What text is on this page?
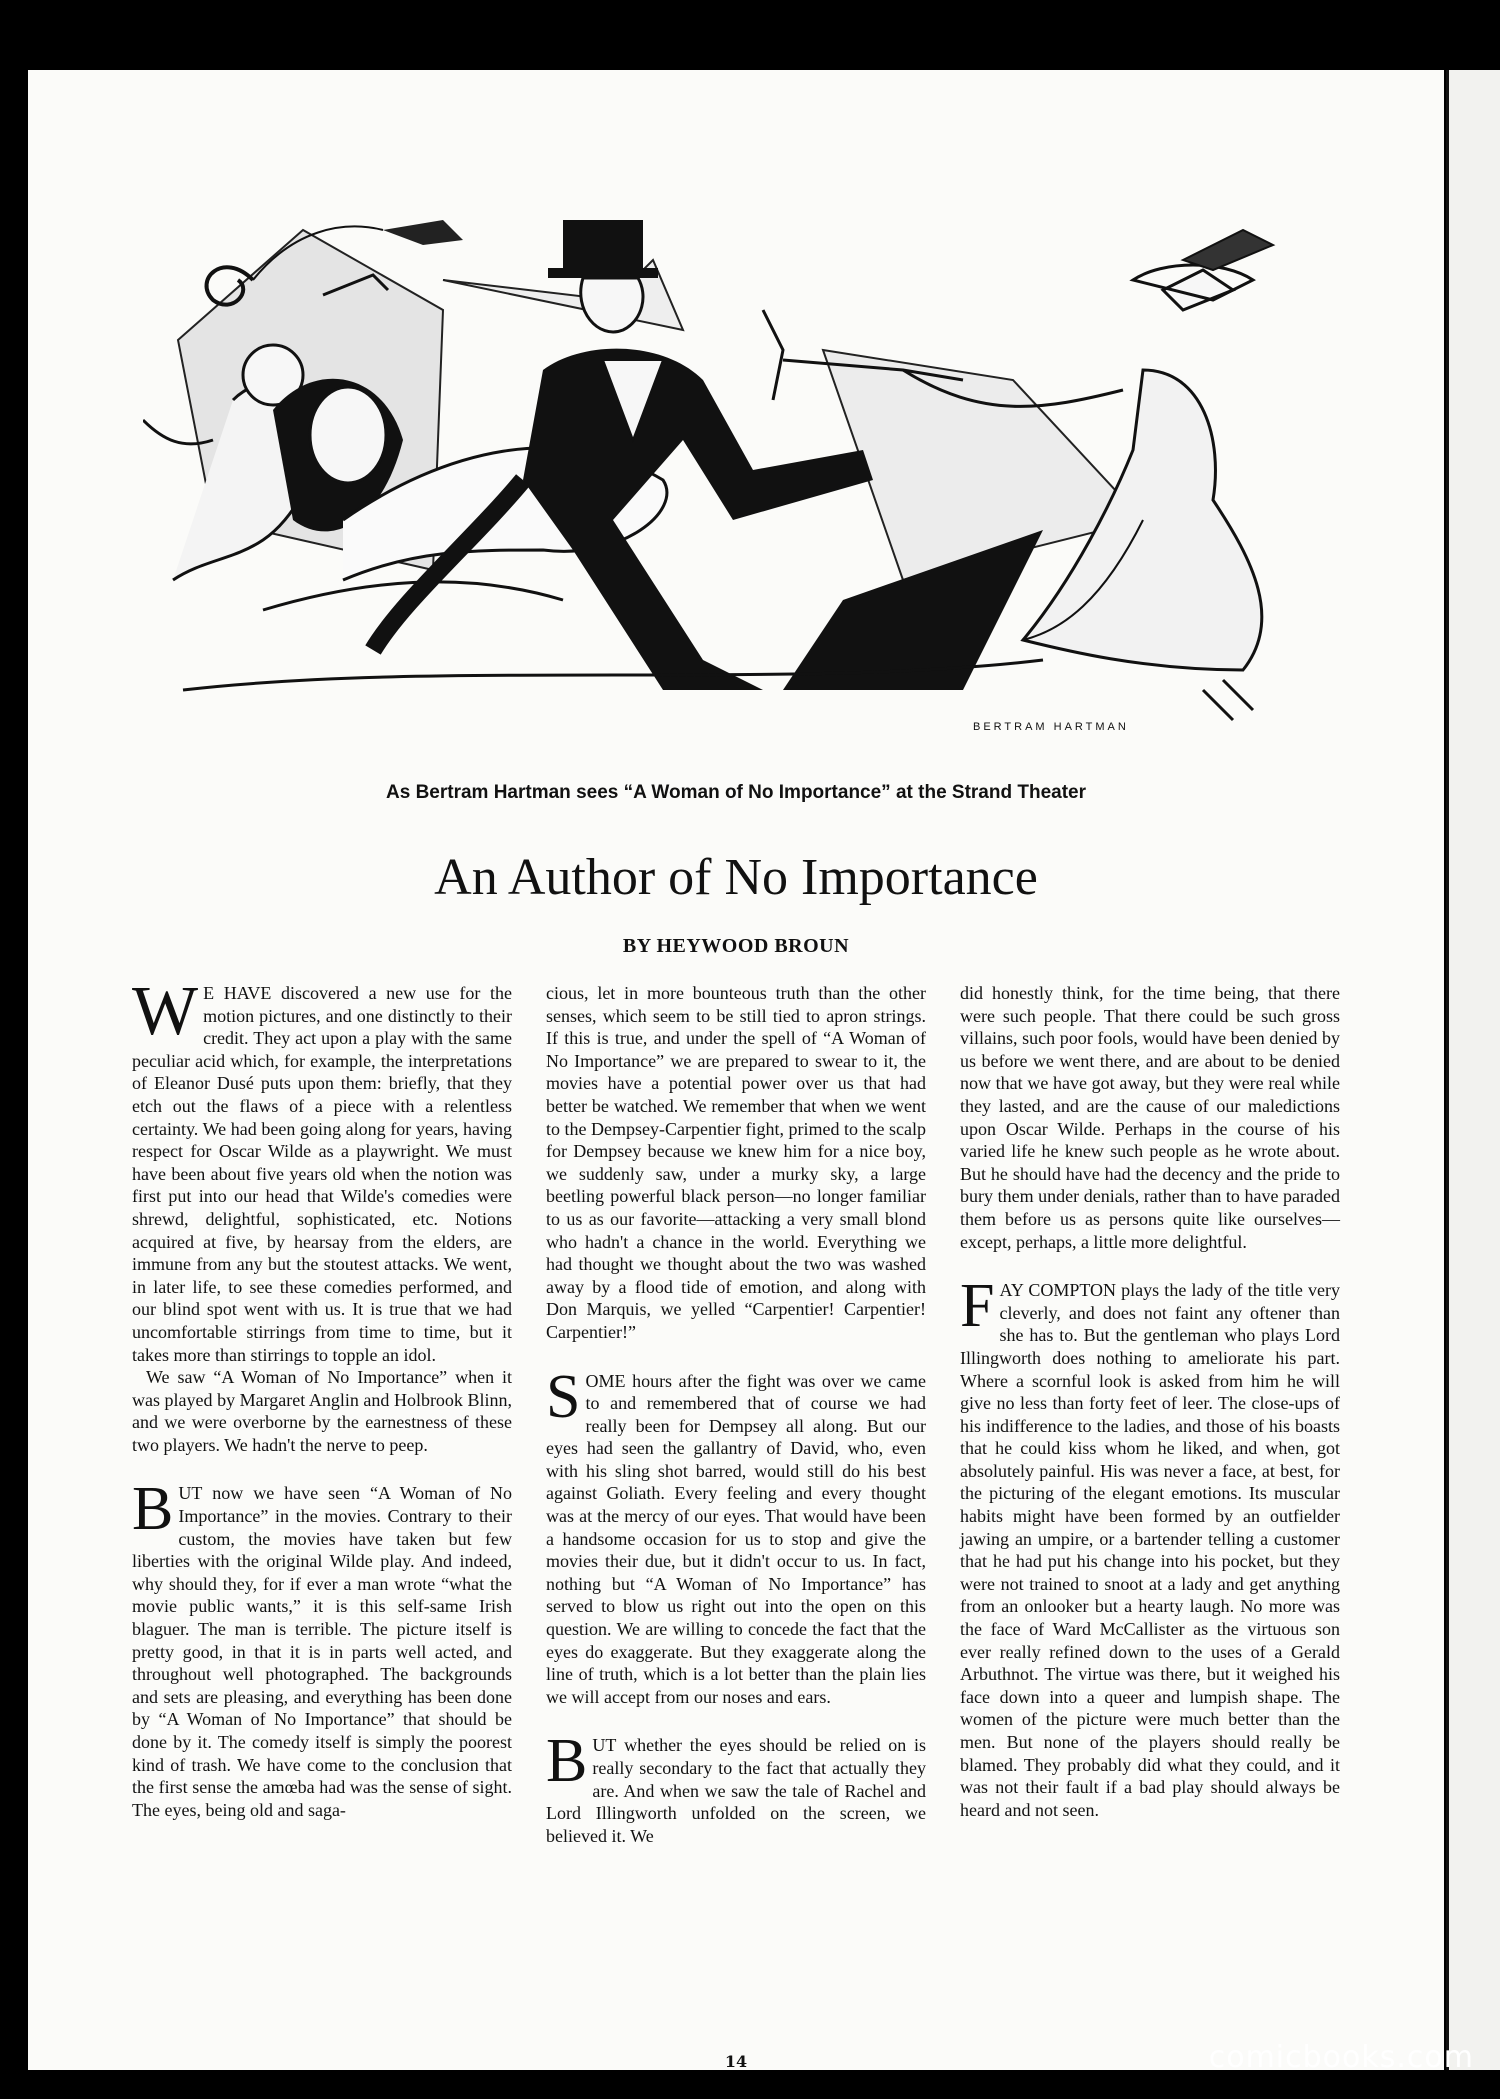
BERTRAM HARTMAN
As Bertram Hartman sees “A Woman of No Importance” at the Strand Theater
An Author of No Importance
BY HEYWOOD BROUN

W E HAVE discovered a new use for the motion pictures, and one distinctly to their credit. They act upon a play with the same peculiar acid which, for example, the interpretations of Eleanor Dusé puts upon them: briefly, that they etch out the flaws of a piece with a relentless certainty. We had been going along for years, having respect for Oscar Wilde as a playwright. We must have been about five years old when the notion was first put into our head that Wilde's comedies were shrewd, delightful, sophisticated, etc. Notions acquired at five, by hearsay from the elders, are immune from any but the stoutest attacks. We went, in later life, to see these comedies performed, and our blind spot went with us. It is true that we had uncomfortable stirrings from time to time, but it takes more than stirrings to topple an idol.

We saw “A Woman of No Importance” when it was played by Margaret Anglin and Holbrook Blinn, and we were overborne by the earnestness of these two players. We hadn't the nerve to peep.

BUT now we have seen “A Woman of No Importance” in the movies. Contrary to their custom, the movies have taken but few liberties with the original Wilde play. And indeed, why should they, for if ever a man wrote “what the movie public wants,” it is this self-same Irish blaguer. The man is terrible. The picture itself is pretty good, in that it is in parts well acted, and throughout well photographed. The backgrounds and sets are pleasing, and everything has been done by “A Woman of No Importance” that should be done by it. The comedy itself is simply the poorest kind of trash. We have come to the conclusion that the first sense the amœba had was the sense of sight. The eyes, being old and saga-

cious, let in more bounteous truth than the other senses, which seem to be still tied to apron strings. If this is true, and under the spell of “A Woman of No Importance” we are prepared to swear to it, the movies have a potential power over us that had better be watched. We remember that when we went to the Dempsey-Carpentier fight, primed to the scalp for Dempsey because we knew him for a nice boy, we suddenly saw, under a murky sky, a large beetling powerful black person—no longer familiar to us as our favorite—attacking a very small blond who hadn't a chance in the world. Everything we had thought we thought about the two was washed away by a flood tide of emotion, and along with Don Marquis, we yelled “Carpentier! Carpentier! Carpentier!”

SOME hours after the fight was over we came to and remembered that of course we had really been for Dempsey all along. But our eyes had seen the gallantry of David, who, even with his sling shot barred, would still do his best against Goliath. Every feeling and every thought was at the mercy of our eyes. That would have been a handsome occasion for us to stop and give the movies their due, but it didn't occur to us. In fact, nothing but “A Woman of No Importance” has served to blow us right out into the open on this question. We are willing to concede the fact that the eyes do exaggerate. But they exaggerate along the line of truth, which is a lot better than the plain lies we will accept from our noses and ears.

BUT whether the eyes should be relied on is really secondary to the fact that actually they are. And when we saw the tale of Rachel and Lord Illingworth unfolded on the screen, we believed it. We

did honestly think, for the time being, that there were such people. That there could be such gross villains, such poor fools, would have been denied by us before we went there, and are about to be denied now that we have got away, but they were real while they lasted, and are the cause of our maledictions upon Oscar Wilde. Perhaps in the course of his varied life he knew such people as he wrote about. But he should have had the decency and the pride to bury them under denials, rather than to have paraded them before us as persons quite like ourselves—except, perhaps, a little more delightful.

FAY COMPTON plays the lady of the title very cleverly, and does not faint any oftener than she has to. But the gentleman who plays Lord Illingworth does nothing to ameliorate his part. Where a scornful look is asked from him he will give no less than forty feet of leer. The close-ups of his indifference to the ladies, and those of his boasts that he could kiss whom he liked, and when, got absolutely painful. His was never a face, at best, for the picturing of the elegant emotions. Its muscular habits might have been formed by an outfielder jawing an umpire, or a bartender telling a customer that he had put his change into his pocket, but they were not trained to snoot at a lady and get anything from an onlooker but a hearty laugh. No more was the face of Ward McCallister as the virtuous son ever really refined down to the uses of a Gerald Arbuthnot. The virtue was there, but it weighed his face down into a queer and lumpish shape. The women of the picture were much better than the men. But none of the players should really be blamed. They probably did what they could, and it was not their fault if a bad play should always be heard and not seen.

14	comicbooks.com
